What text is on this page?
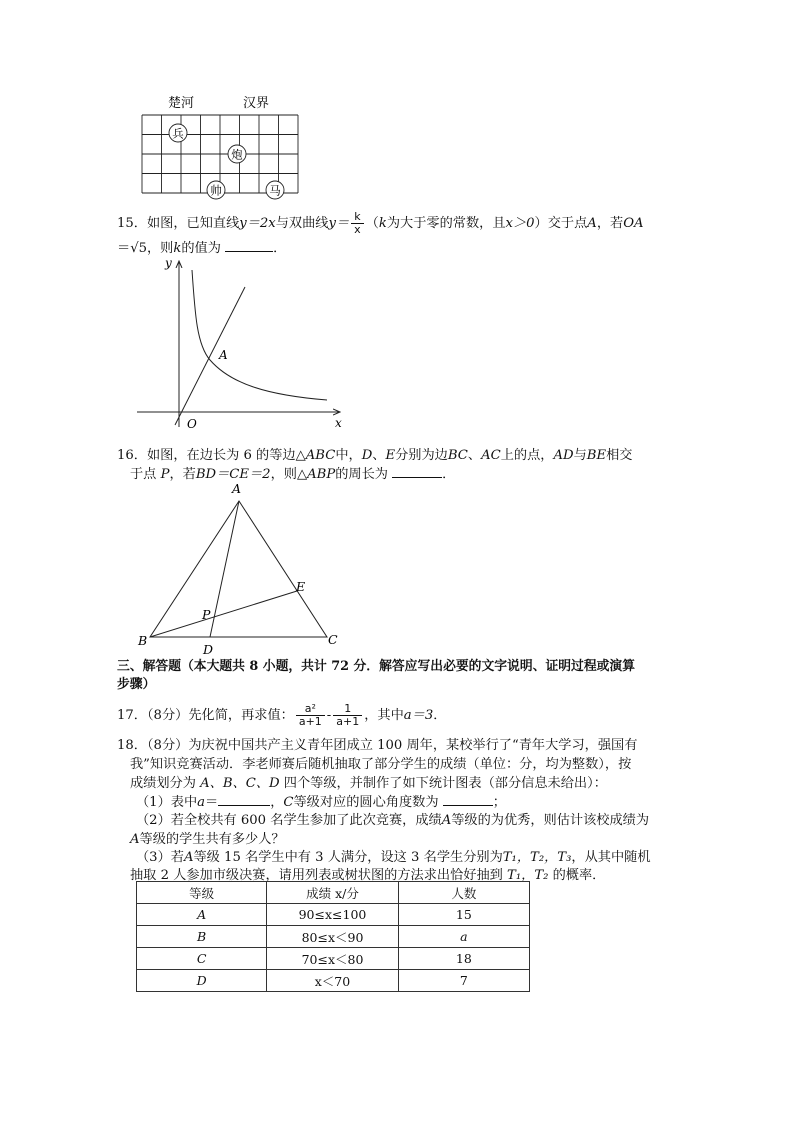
楚河	汉界
兵
炮
帅	马
15．如图，已知直线y＝2x与双曲线$y= \frac{k}{x} (k$为大于零的常数，且x＞0）交于点A，若OA
＝√5，则k的值为	．
y
x
O
A
16．如图，在边长为 6 的等边△ABC中，D、E分别为边BC、AC上的点，AD与BE相交
于点 P，若BD＝CE＝2，则△ABP的周长为	．
A
B	C
D
E
P
三、解答题（本大题共 8 小题，共计 72 分．解答应写出必要的文字说明、证明过程或演算
步骤）
17．（8分）先化简，再求值： $\frac{\text{a²}}{a+1} - \frac{1}{a+1}$ ，其中a＝3．
18．（8分）为庆祝中国共产主义青年团成立 100 周年，某校举行了“青年大学习，强国有
我”知识竞赛活动．李老师赛后随机抽取了部分学生的成绩（单位：分，均为整数），按
成绩划分为 A、B、C、D 四个等级，并制作了如下统计图表（部分信息未给出）：
（1）表中a＝	，C等级对应的圆心角度数为	；
（2）若全校共有 600 名学生参加了此次竞赛，成绩A等级的为优秀，则估计该校成绩为
A等级的学生共有多少人？
（3）若A等级 15 名学生中有 3 人满分，设这 3 名学生分别为T₁，T₂，T₃，从其中随机
抽取 2 人参加市级决赛，请用列表或树状图的方法求出恰好抽到 T₁，T₂ 的概率．
等级	成绩 x/分	人数
A	90≤x≤100	15
B	80≤x＜90	a
C	70≤x＜80	18
D	x＜70	7
